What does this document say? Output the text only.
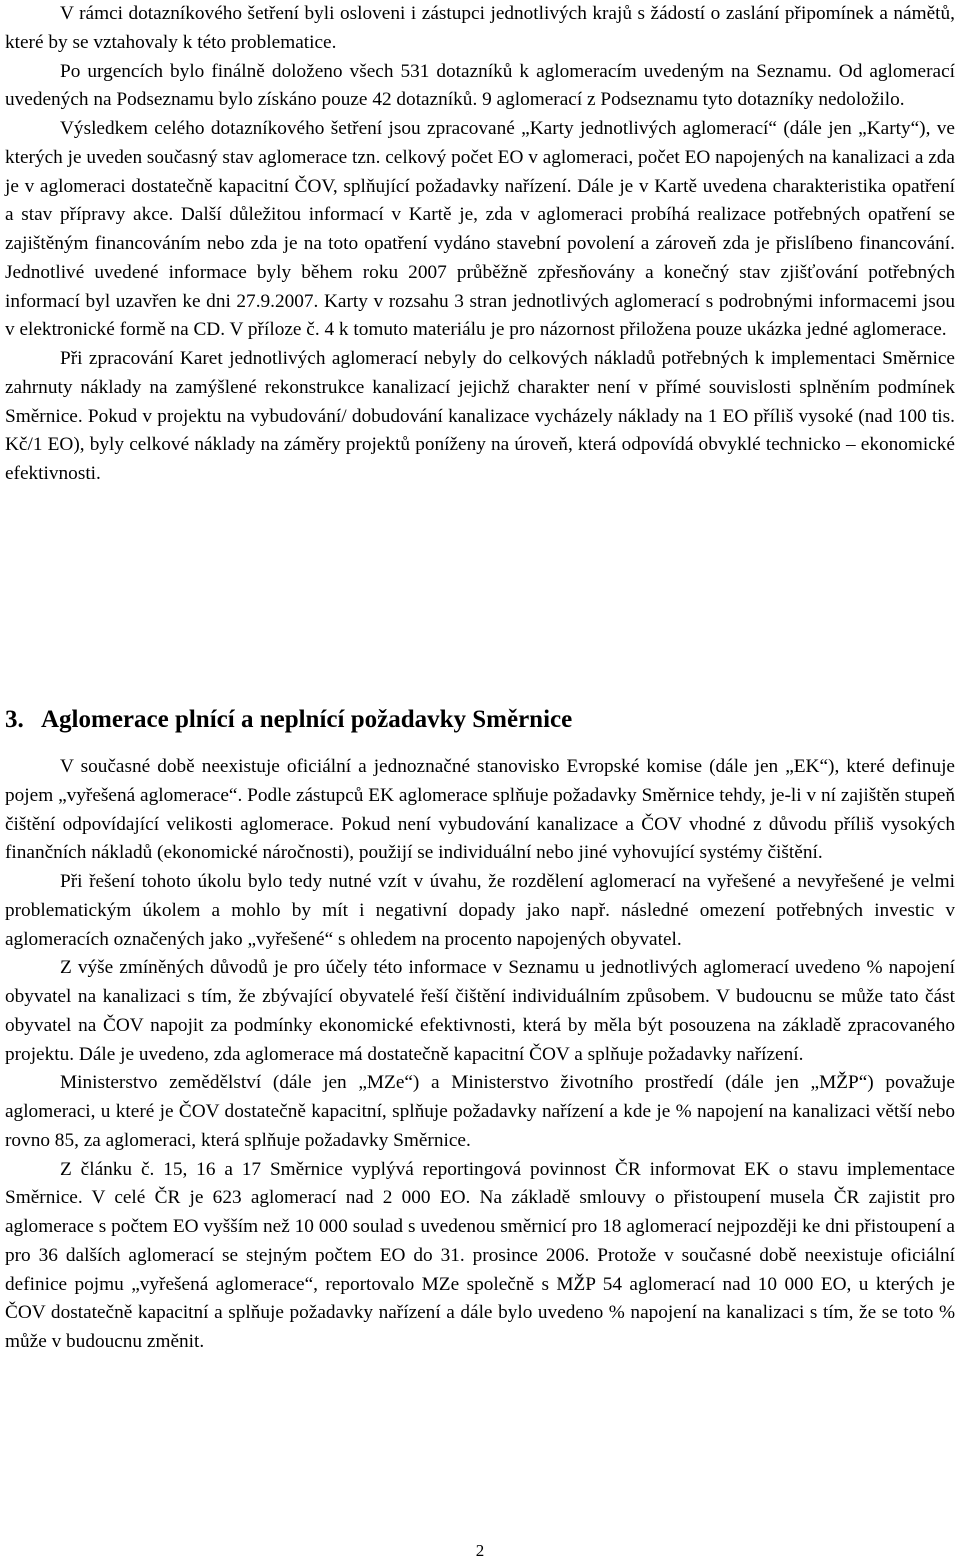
V rámci dotazníkového šetření byli osloveni i zástupci jednotlivých krajů s žádostí o zaslání připomínek a námětů, které by se vztahovaly k této problematice.

Po urgencích bylo finálně doloženo všech 531 dotazníků k aglomeracím uvedeným na Seznamu. Od aglomerací uvedených na Podseznamu bylo získáno pouze 42 dotazníků. 9 aglomerací z Podseznamu tyto dotazníky nedoložilo.

Výsledkem celého dotazníkového šetření jsou zpracované „Karty jednotlivých aglomerací“ (dále jen „Karty“), ve kterých je uveden současný stav aglomerace tzn. celkový počet EO v aglomeraci, počet EO napojených na kanalizaci a zda je v aglomeraci dostatečně kapacitní ČOV, splňující požadavky nařízení. Dále je v Kartě uvedena charakteristika opatření a stav přípravy akce. Další důležitou informací v Kartě je, zda v aglomeraci probíhá realizace potřebných opatření se zajištěným financováním nebo zda je na toto opatření vydáno stavební povolení a zároveň zda je přislíbeno financování. Jednotlivé uvedené informace byly během roku 2007 průběžně zpřesňovány a konečný stav zjišťování potřebných informací byl uzavřen ke dni 27.9.2007. Karty v rozsahu 3 stran jednotlivých aglomerací s podrobnými informacemi jsou v elektronické formě na CD. V příloze č. 4 k tomuto materiálu je pro názornost přiložena pouze ukázka jedné aglomerace.

Při zpracování Karet jednotlivých aglomerací nebyly do celkových nákladů potřebných k implementaci Směrnice zahrnuty náklady na zamýšlené rekonstrukce kanalizací jejichž charakter není v přímé souvislosti splněním podmínek Směrnice. Pokud v projektu na vybudování/ dobudování kanalizace vycházely náklady na 1 EO příliš vysoké (nad 100 tis. Kč/1 EO), byly celkové náklady na záměry projektů poníženy na úroveň, která odpovídá obvyklé technicko – ekonomické efektivnosti.

3. Aglomerace plnící a neplnící požadavky Směrnice

V současné době neexistuje oficiální a jednoznačné stanovisko Evropské komise (dále jen „EK“), které definuje pojem „vyřešená aglomerace“. Podle zástupců EK aglomerace splňuje požadavky Směrnice tehdy, je-li v ní zajištěn stupeň čištění odpovídající velikosti aglomerace. Pokud není vybudování kanalizace a ČOV vhodné z důvodu příliš vysokých finančních nákladů (ekonomické náročnosti), použijí se individuální nebo jiné vyhovující systémy čištění.

Při řešení tohoto úkolu bylo tedy nutné vzít v úvahu, že rozdělení aglomerací na vyřešené a nevyřešené je velmi problematickým úkolem a mohlo by mít i negativní dopady jako např. následné omezení potřebných investic v aglomeracích označených jako „vyřešené“ s ohledem na procento napojených obyvatel.

Z výše zmíněných důvodů je pro účely této informace v Seznamu u jednotlivých aglomerací uvedeno % napojení obyvatel na kanalizaci s tím, že zbývající obyvatelé řeší čištění individuálním způsobem. V budoucnu se může tato část obyvatel na ČOV napojit za podmínky ekonomické efektivnosti, která by měla být posouzena na základě zpracovaného projektu. Dále je uvedeno, zda aglomerace má dostatečně kapacitní ČOV a splňuje požadavky nařízení.

Ministerstvo zemědělství (dále jen „MZe“) a Ministerstvo životního prostředí (dále jen „MŽP“) považuje aglomeraci, u které je ČOV dostatečně kapacitní, splňuje požadavky nařízení a kde je % napojení na kanalizaci větší nebo rovno 85, za aglomeraci, která splňuje požadavky Směrnice.

Z článku č. 15, 16 a 17 Směrnice vyplývá reportingová povinnost ČR informovat EK o stavu implementace Směrnice. V celé ČR je 623 aglomerací nad 2 000 EO. Na základě smlouvy o přistoupení musela ČR zajistit pro aglomerace s počtem EO vyšším než 10 000 soulad s uvedenou směrnicí pro 18 aglomerací nejpozději ke dni přistoupení a pro 36 dalších aglomerací se stejným počtem EO do 31. prosince 2006. Protože v současné době neexistuje oficiální definice pojmu „vyřešená aglomerace“, reportovalo MZe společně s MŽP 54 aglomerací nad 10 000 EO, u kterých je ČOV dostatečně kapacitní a splňuje požadavky nařízení a dále bylo uvedeno % napojení na kanalizaci s tím, že se toto % může v budoucnu změnit.

2
